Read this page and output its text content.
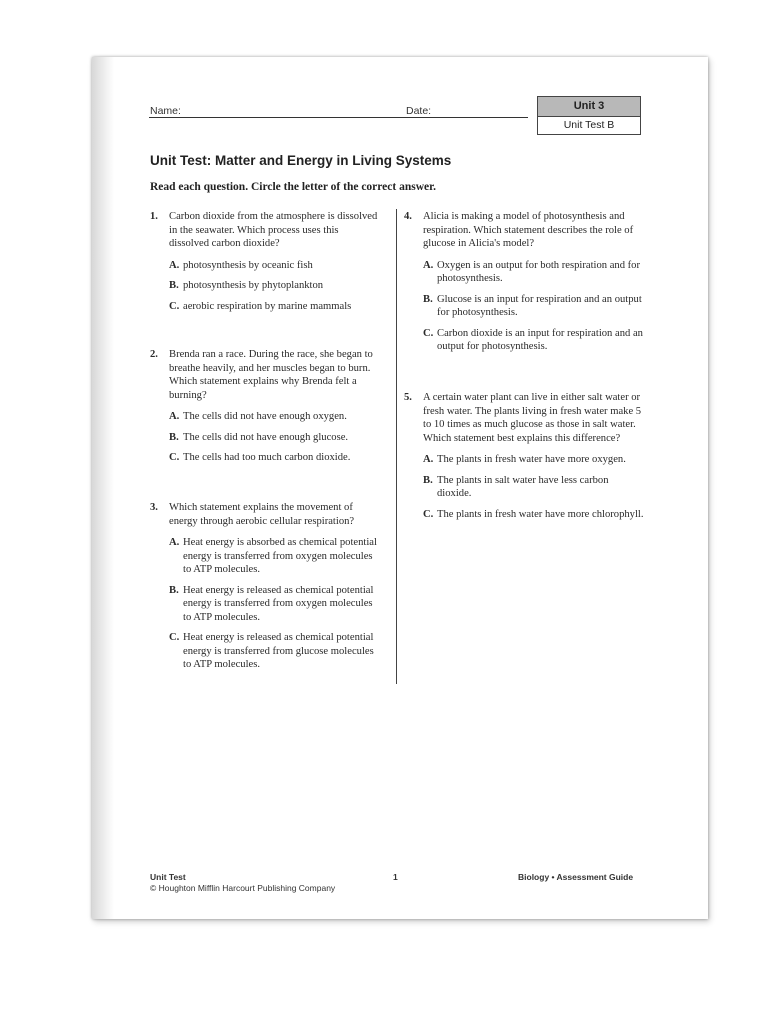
Name:	Date:	Unit 3
Unit Test B
Unit Test: Matter and Energy in Living Systems
Read each question. Circle the letter of the correct answer.
1. Carbon dioxide from the atmosphere is dissolved in the seawater. Which process uses this dissolved carbon dioxide?
A. photosynthesis by oceanic fish
B. photosynthesis by phytoplankton
C. aerobic respiration by marine mammals
2. Brenda ran a race. During the race, she began to breathe heavily, and her muscles began to burn. Which statement explains why Brenda felt a burning?
A. The cells did not have enough oxygen.
B. The cells did not have enough glucose.
C. The cells had too much carbon dioxide.
3. Which statement explains the movement of energy through aerobic cellular respiration?
A. Heat energy is absorbed as chemical potential energy is transferred from oxygen molecules to ATP molecules.
B. Heat energy is released as chemical potential energy is transferred from oxygen molecules to ATP molecules.
C. Heat energy is released as chemical potential energy is transferred from glucose molecules to ATP molecules.
4. Alicia is making a model of photosynthesis and respiration. Which statement describes the role of glucose in Alicia's model?
A. Oxygen is an output for both respiration and for photosynthesis.
B. Glucose is an input for respiration and an output for photosynthesis.
C. Carbon dioxide is an input for respiration and an output for photosynthesis.
5. A certain water plant can live in either salt water or fresh water. The plants living in fresh water make 5 to 10 times as much glucose as those in salt water. Which statement best explains this difference?
A. The plants in fresh water have more oxygen.
B. The plants in salt water have less carbon dioxide.
C. The plants in fresh water have more chlorophyll.
Unit Test
© Houghton Mifflin Harcourt Publishing Company
1	Biology • Assessment Guide
